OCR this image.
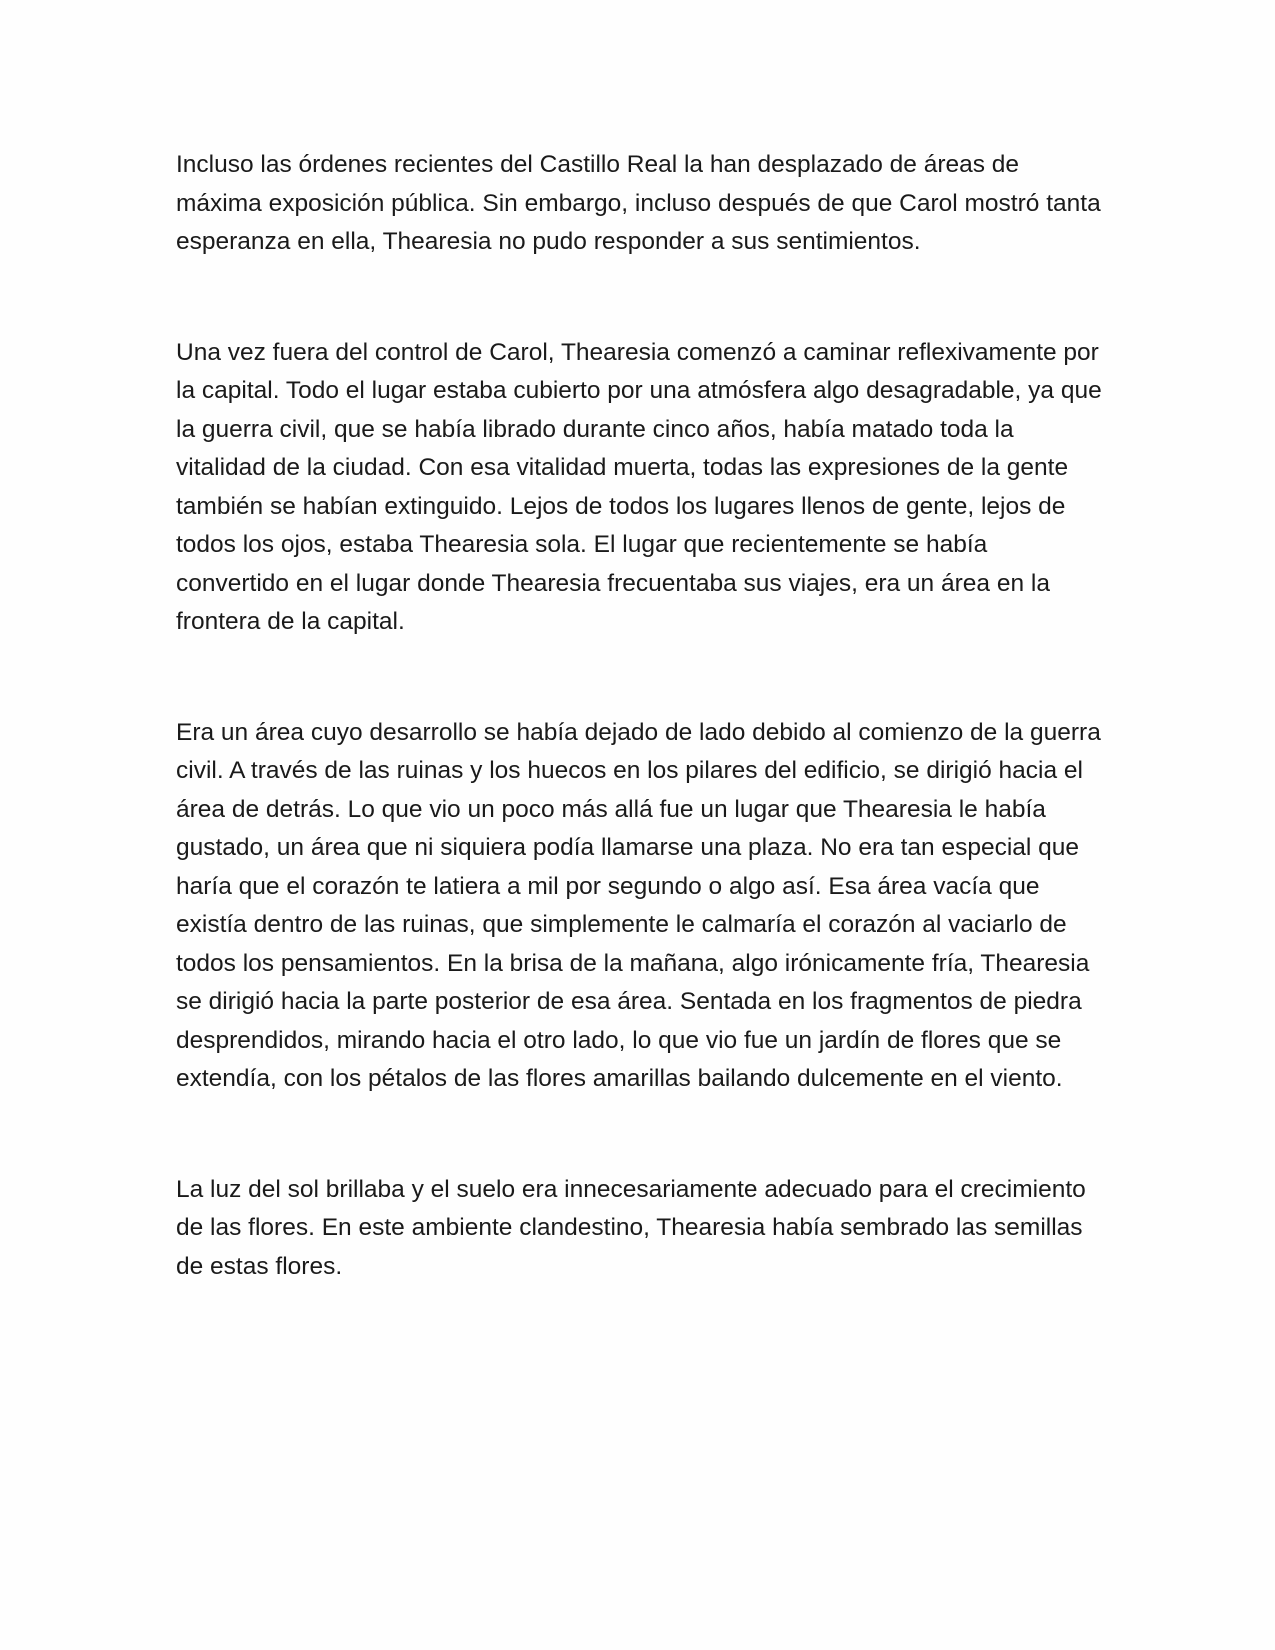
Incluso las órdenes recientes del Castillo Real la han desplazado de áreas de máxima exposición pública. Sin embargo, incluso después de que Carol mostró tanta esperanza en ella, Thearesia no pudo responder a sus sentimientos.

Una vez fuera del control de Carol, Thearesia comenzó a caminar reflexivamente por la capital. Todo el lugar estaba cubierto por una atmósfera algo desagradable, ya que la guerra civil, que se había librado durante cinco años, había matado toda la vitalidad de la ciudad. Con esa vitalidad muerta, todas las expresiones de la gente también se habían extinguido. Lejos de todos los lugares llenos de gente, lejos de todos los ojos, estaba Thearesia sola. El lugar que recientemente se había convertido en el lugar donde Thearesia frecuentaba sus viajes, era un área en la frontera de la capital.

Era un área cuyo desarrollo se había dejado de lado debido al comienzo de la guerra civil. A través de las ruinas y los huecos en los pilares del edificio, se dirigió hacia el área de detrás. Lo que vio un poco más allá fue un lugar que Thearesia le había gustado, un área que ni siquiera podía llamarse una plaza. No era tan especial que haría que el corazón te latiera a mil por segundo o algo así. Esa área vacía que existía dentro de las ruinas, que simplemente le calmaría el corazón al vaciarlo de todos los pensamientos. En la brisa de la mañana, algo irónicamente fría, Thearesia se dirigió hacia la parte posterior de esa área. Sentada en los fragmentos de piedra desprendidos, mirando hacia el otro lado, lo que vio fue un jardín de flores que se extendía, con los pétalos de las flores amarillas bailando dulcemente en el viento.

La luz del sol brillaba y el suelo era innecesariamente adecuado para el crecimiento de las flores. En este ambiente clandestino, Thearesia había sembrado las semillas de estas flores.
